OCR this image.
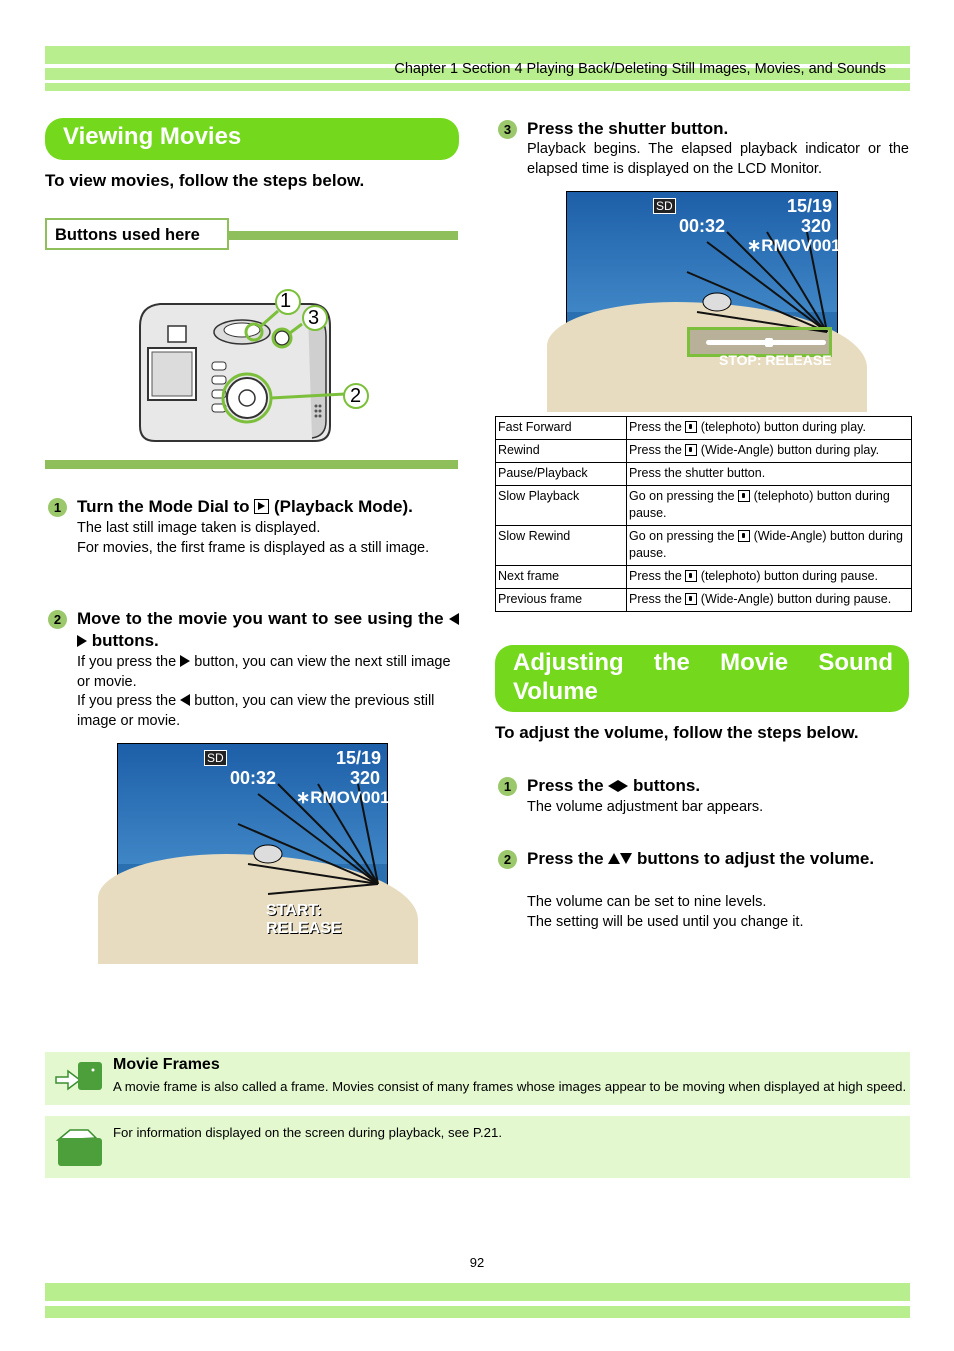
Chapter 1 Section 4 Playing Back/Deleting Still Images, Movies, and Sounds
Viewing Movies
To view movies, follow the steps below.
Buttons used here
1
3
2
1 Turn the Mode Dial to (Playback Mode).
The last still image taken is displayed.
For movies, the first frame is displayed as a still image.
2 Move to the movie you want to see using the  buttons.
If you press the button, you can view the next still image or movie.
If you press the button, you can view the previous still image or movie.
SD	15/19
00:32	320
∗RMOV0015
START: RELEASE
3 Press the shutter button.
Playback begins. The elapsed playback indicator or the elapsed time is displayed on the LCD Monitor.
SD	15/19
00:32	320
∗RMOV0015
STOP: RELEASE
Fast Forward	Press the (telephoto) button during play.
Rewind	Press the (Wide-Angle) button during play.
Pause/Playback	Press the shutter button.
Slow Playback	Go on pressing the (telephoto) button during pause.
Slow Rewind	Go on pressing the (Wide-Angle) button during pause.
Next frame	Press the (telephoto) button during pause.
Previous frame	Press the (Wide-Angle) button during pause.
Adjusting the Movie Sound Volume
To adjust the volume, follow the steps below.
1 Press the buttons.
The volume adjustment bar appears.
2 Press the buttons to adjust the volume.
The volume can be set to nine levels.
The setting will be used until you change it.
Movie Frames
A movie frame is also called a frame. Movies consist of many frames whose images appear to be moving when displayed at high speed.
For information displayed on the screen during playback, see P.21.
92
